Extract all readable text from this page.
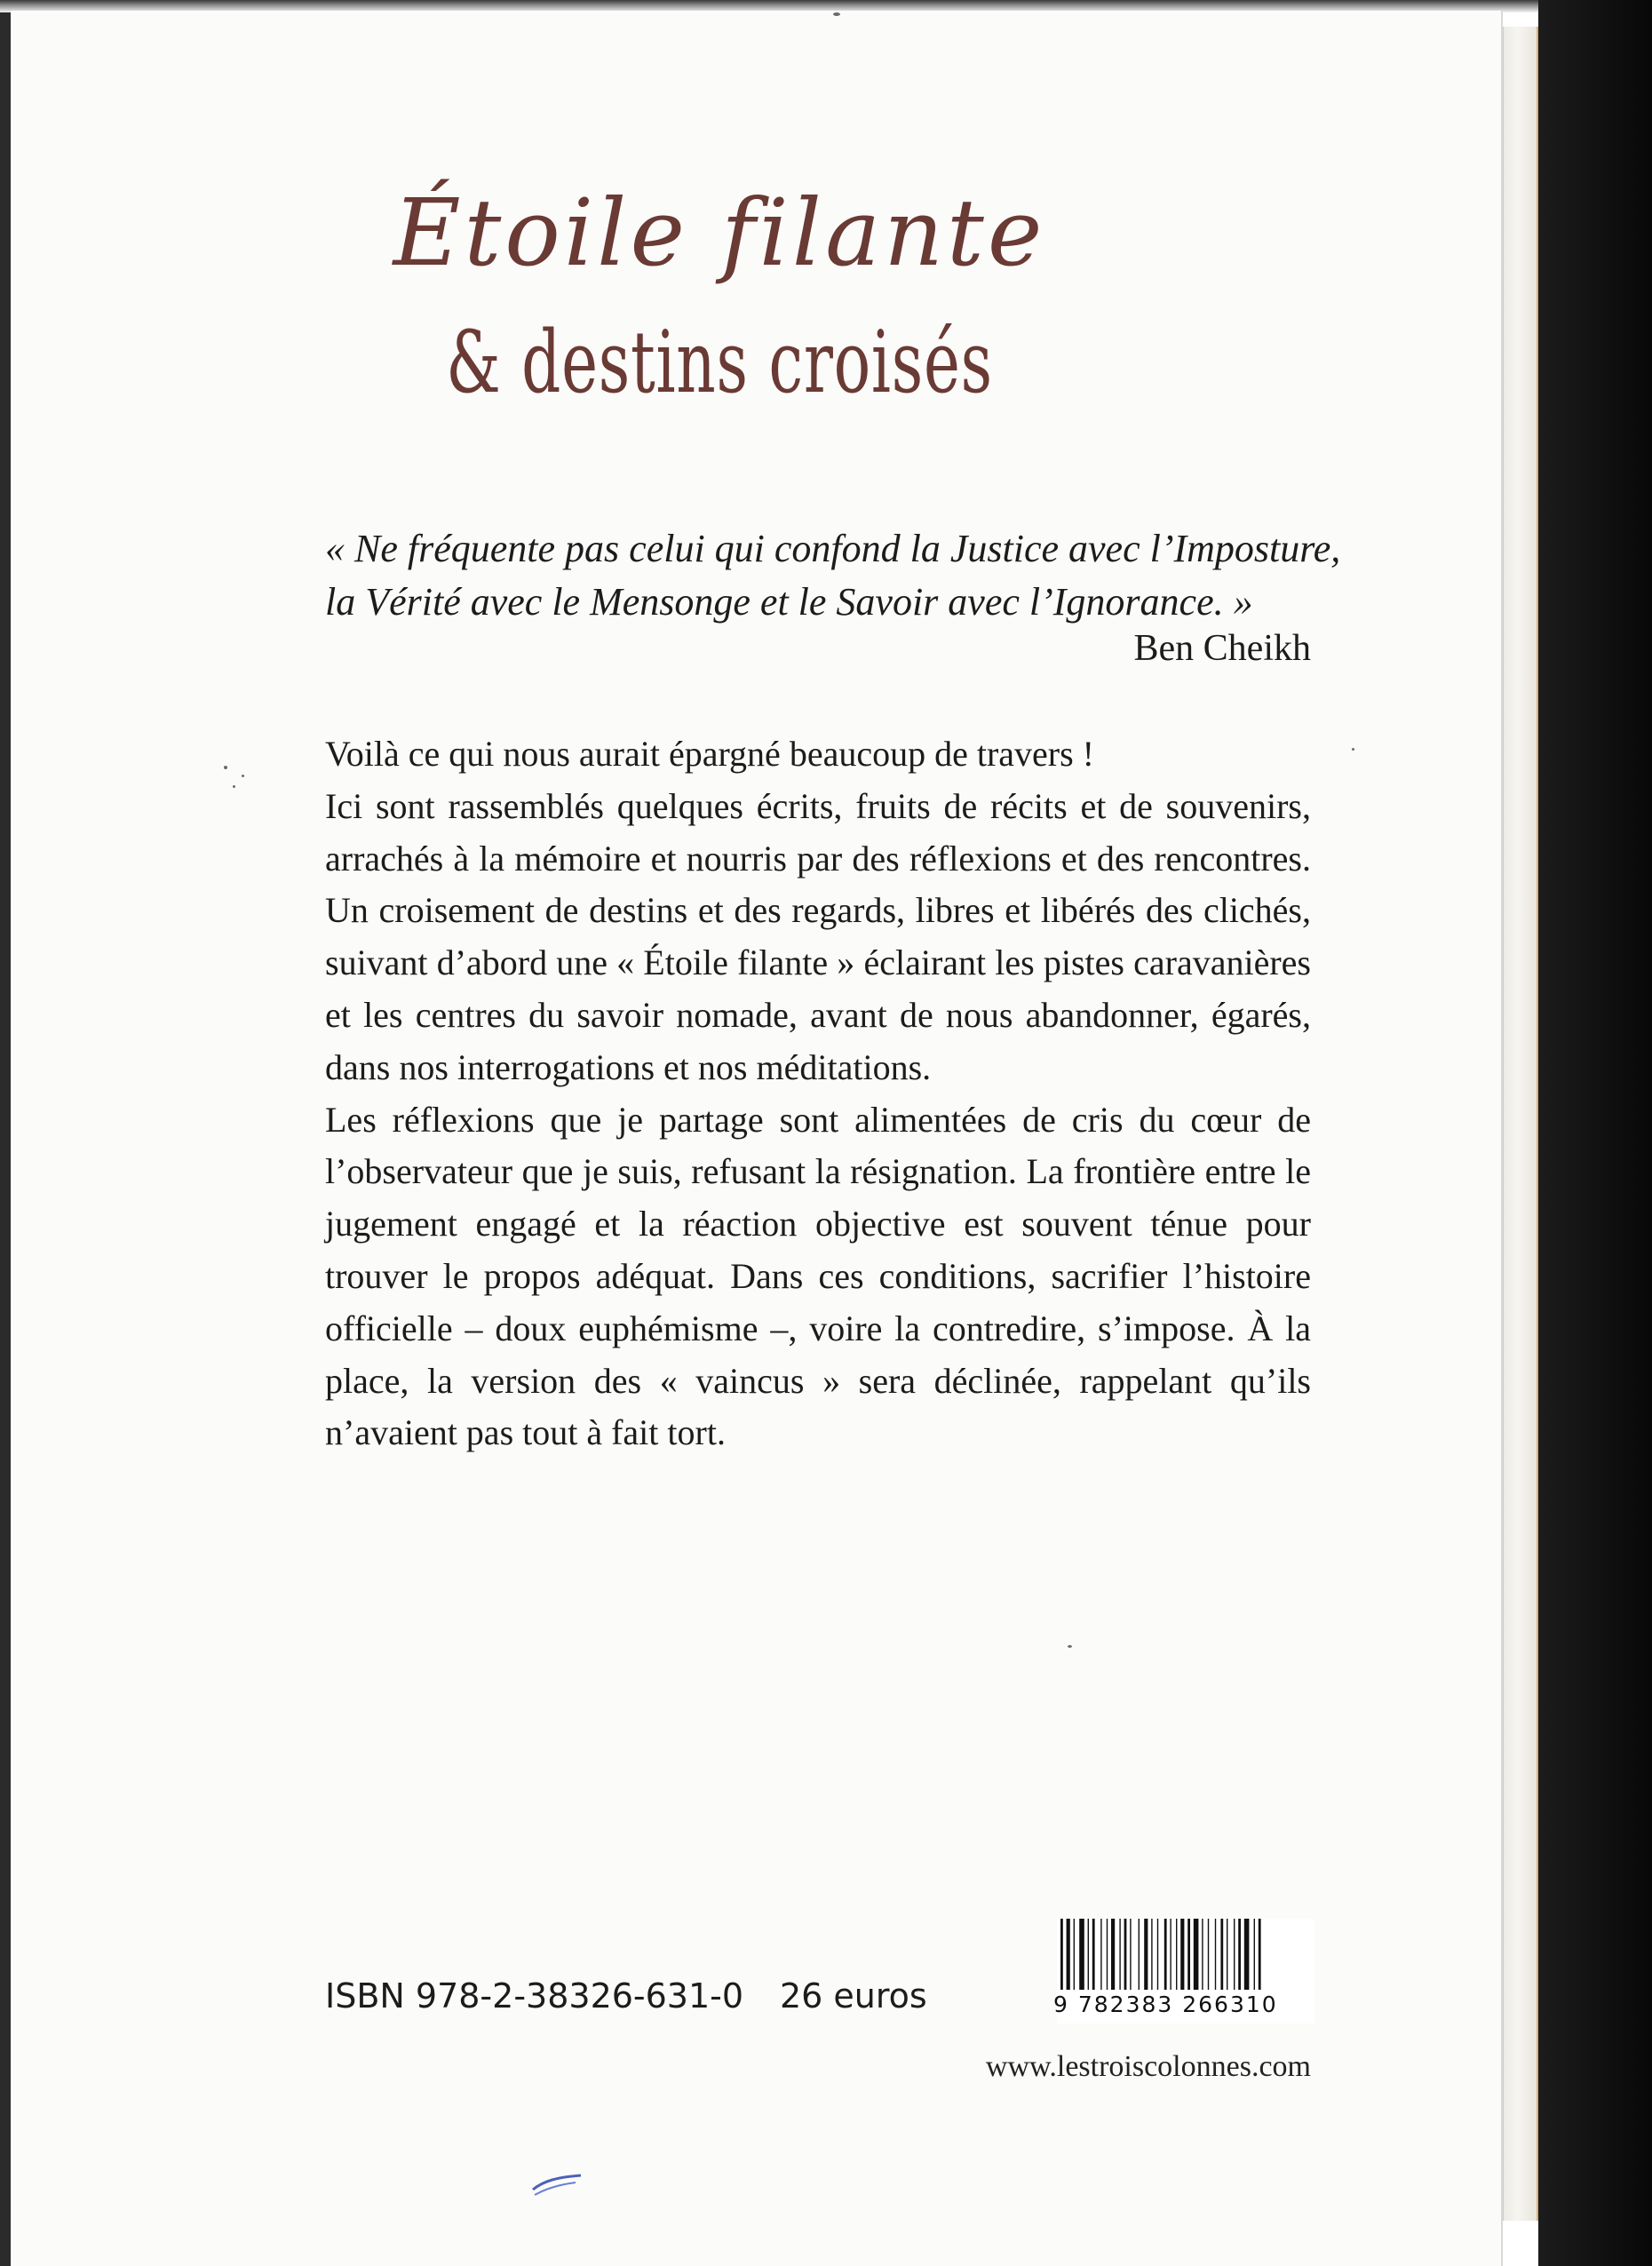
Étoile filante
& destins croisés
« Ne fréquente pas celui qui confond la Justice avec l’Imposture,
la Vérité avec le Mensonge et le Savoir avec l’Ignorance. »
Ben Cheikh

Voilà ce qui nous aurait épargné beaucoup de travers !

Ici sont rassemblés quelques écrits, fruits de récits et de souvenirs, arrachés à la mémoire et nourris par des réflexions et des rencontres. Un croisement de destins et des regards, libres et libérés des clichés, suivant d’abord une « Étoile filante » éclairant les pistes caravanières et les centres du savoir nomade, avant de nous abandonner, égarés, dans nos interrogations et nos méditations.

Les réflexions que je partage sont alimentées de cris du cœur de l’observateur que je suis, refusant la résignation. La frontière entre le jugement engagé et la réaction objective est souvent ténue pour trouver le propos adéquat. Dans ces conditions, sacrifier l’histoire officielle – doux euphémisme –, voire la contredire, s’impose. À la place, la version des « vaincus » sera déclinée, rappelant qu’ils n’avaient pas tout à fait tort.

ISBN 978-2-38326-631-0 26 euros	9 782383 266310
www.lestroiscolonnes.com
